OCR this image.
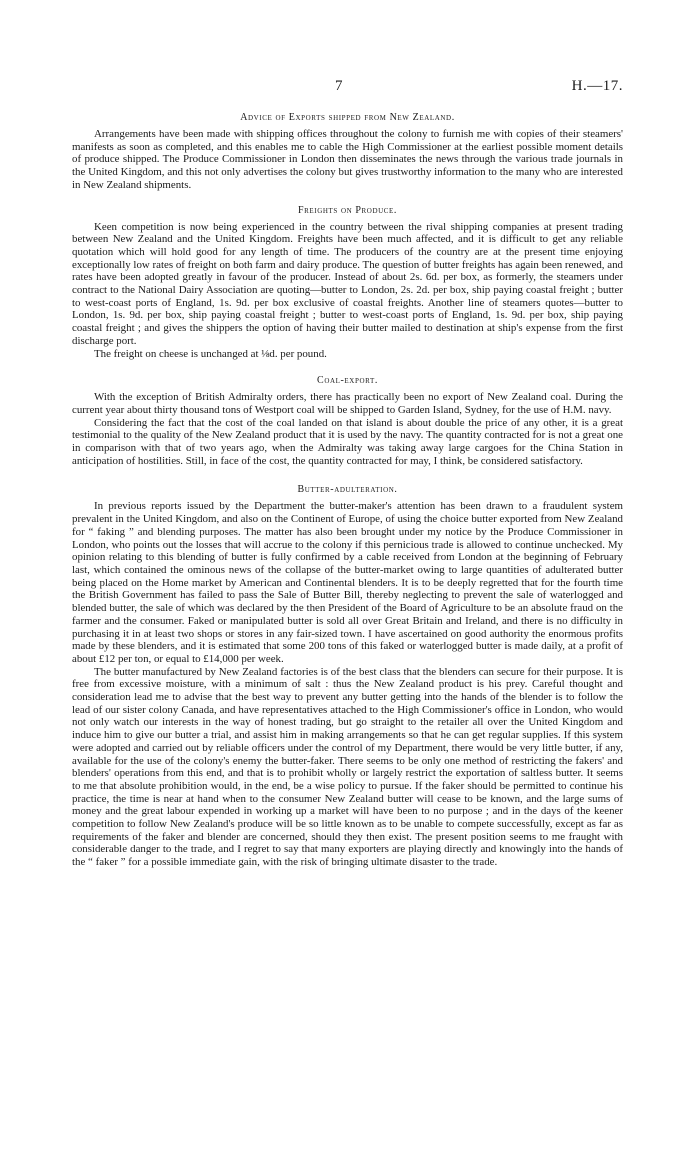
7	H.—17.
Advice of Exports shipped from New Zealand.

Arrangements have been made with shipping offices throughout the colony to furnish me with copies of their steamers' manifests as soon as completed, and this enables me to cable the High Commissioner at the earliest possible moment details of produce shipped. The Produce Commissioner in London then disseminates the news through the various trade journals in the United Kingdom, and this not only advertises the colony but gives trustworthy information to the many who are interested in New Zealand shipments.

Freights on Produce.

Keen competition is now being experienced in the country between the rival shipping companies at present trading between New Zealand and the United Kingdom. Freights have been much affected, and it is difficult to get any reliable quotation which will hold good for any length of time. The producers of the country are at the present time enjoying exceptionally low rates of freight on both farm and dairy produce. The question of butter freights has again been renewed, and rates have been adopted greatly in favour of the producer. Instead of about 2s. 6d. per box, as formerly, the steamers under contract to the National Dairy Association are quoting—butter to London, 2s. 2d. per box, ship paying coastal freight ; butter to west-coast ports of England, 1s. 9d. per box exclusive of coastal freights. Another line of steamers quotes—butter to London, 1s. 9d. per box, ship paying coastal freight ; butter to west-coast ports of England, 1s. 9d. per box, ship paying coastal freight ; and gives the shippers the option of having their butter mailed to destination at ship's expense from the first discharge port.

The freight on cheese is unchanged at ⅛d. per pound.

Coal-export.

With the exception of British Admiralty orders, there has practically been no export of New Zealand coal. During the current year about thirty thousand tons of Westport coal will be shipped to Garden Island, Sydney, for the use of H.M. navy.

Considering the fact that the cost of the coal landed on that island is about double the price of any other, it is a great testimonial to the quality of the New Zealand product that it is used by the navy. The quantity contracted for is not a great one in comparison with that of two years ago, when the Admiralty was taking away large cargoes for the China Station in anticipation of hostilities. Still, in face of the cost, the quantity contracted for may, I think, be considered satisfactory.

Butter-adulteration.

In previous reports issued by the Department the butter-maker's attention has been drawn to a fraudulent system prevalent in the United Kingdom, and also on the Continent of Europe, of using the choice butter exported from New Zealand for “ faking ” and blending purposes. The matter has also been brought under my notice by the Produce Commissioner in London, who points out the losses that will accrue to the colony if this pernicious trade is allowed to continue unchecked. My opinion relating to this blending of butter is fully confirmed by a cable received from London at the beginning of February last, which contained the ominous news of the collapse of the butter-market owing to large quantities of adulterated butter being placed on the Home market by American and Continental blenders. It is to be deeply regretted that for the fourth time the British Government has failed to pass the Sale of Butter Bill, thereby neglecting to prevent the sale of waterlogged and blended butter, the sale of which was declared by the then President of the Board of Agriculture to be an absolute fraud on the farmer and the consumer. Faked or manipulated butter is sold all over Great Britain and Ireland, and there is no difficulty in purchasing it in at least two shops or stores in any fair-sized town. I have ascertained on good authority the enormous profits made by these blenders, and it is estimated that some 200 tons of this faked or waterlogged butter is made daily, at a profit of about £12 per ton, or equal to £14,000 per week.

The butter manufactured by New Zealand factories is of the best class that the blenders can secure for their purpose. It is free from excessive moisture, with a minimum of salt : thus the New Zealand product is his prey. Careful thought and consideration lead me to advise that the best way to prevent any butter getting into the hands of the blender is to follow the lead of our sister colony Canada, and have representatives attached to the High Commissioner's office in London, who would not only watch our interests in the way of honest trading, but go straight to the retailer all over the United Kingdom and induce him to give our butter a trial, and assist him in making arrangements so that he can get regular supplies. If this system were adopted and carried out by reliable officers under the control of my Department, there would be very little butter, if any, available for the use of the colony's enemy the butter-faker. There seems to be only one method of restricting the fakers' and blenders' operations from this end, and that is to prohibit wholly or largely restrict the exportation of saltless butter. It seems to me that absolute prohibition would, in the end, be a wise policy to pursue. If the faker should be permitted to continue his practice, the time is near at hand when to the consumer New Zealand butter will cease to be known, and the large sums of money and the great labour expended in working up a market will have been to no purpose ; and in the days of the keener competition to follow New Zealand's produce will be so little known as to be unable to compete successfully, except as far as requirements of the faker and blender are concerned, should they then exist. The present position seems to me fraught with considerable danger to the trade, and I regret to say that many exporters are playing directly and knowingly into the hands of the “ faker ” for a possible immediate gain, with the risk of bringing ultimate disaster to the trade.
